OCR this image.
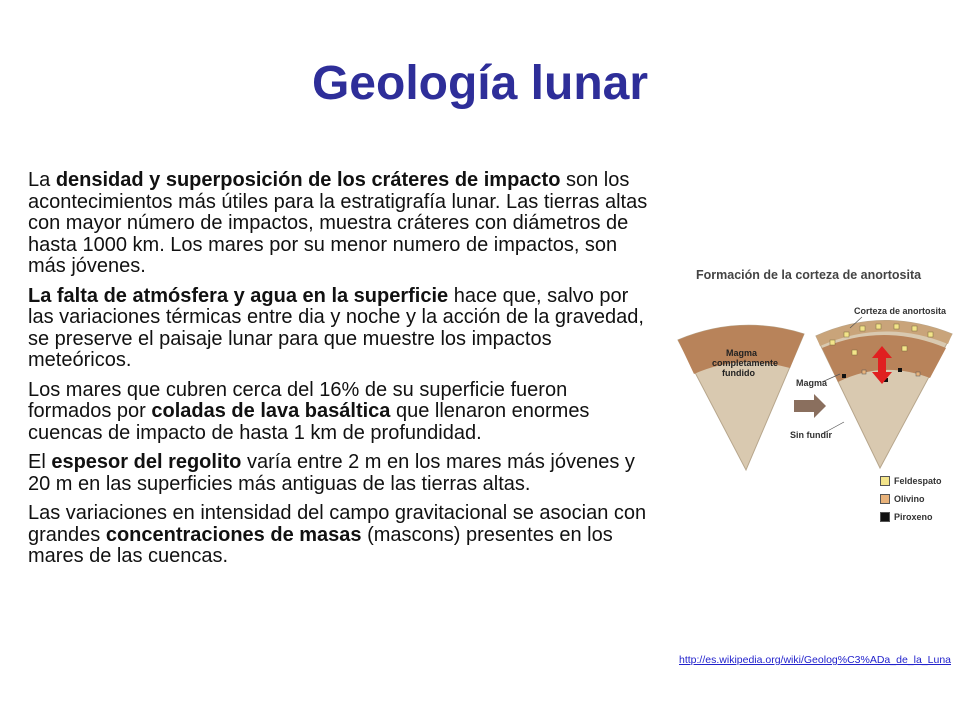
Geología lunar

La densidad y superposición de los cráteres de impacto son los acontecimientos más útiles para la estratigrafía lunar. Las tierras altas con mayor número de impactos, muestra cráteres con diámetros de hasta 1000 km. Los mares por su menor numero de impactos, son más jóvenes.

La falta de atmósfera y agua en la superficie hace que, salvo por las variaciones térmicas entre dia y noche y la acción de la gravedad, se preserve el paisaje lunar para que muestre los impactos meteóricos.

Los mares que cubren cerca del 16% de su superficie fueron formados por coladas de lava basáltica que llenaron enormes cuencas de impacto de hasta 1 km de profundidad.

El espesor del regolito varía entre 2 m en los mares más jóvenes y 20 m en las superficies más antiguas de las tierras altas.

Las variaciones en intensidad del campo gravitacional se asocian con grandes concentraciones de masas (mascons) presentes en los mares de las cuencas.

Formación de la corteza de anortosita
Corteza de anortosita
Magma
completamente
fundido
Magma
Sin fundir
Feldespato
Olivino
Piroxeno
http://es.wikipedia.org/wiki/Geolog%C3%ADa_de_la_Luna
